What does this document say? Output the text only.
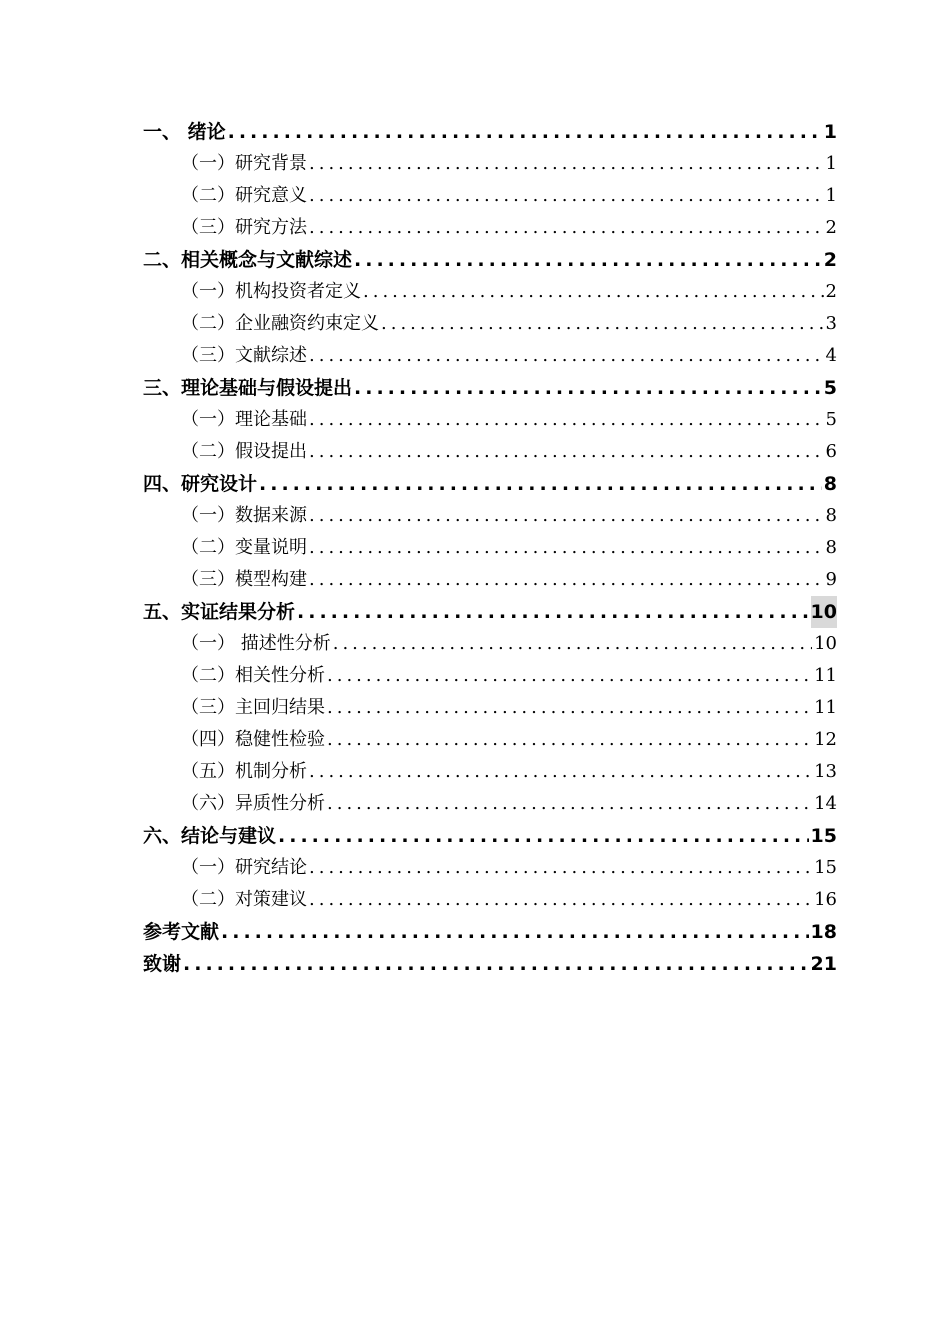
一、 绪论 .....	1
（一）研究背景 .....	1
（二）研究意义 .....	1
（三）研究方法 .....	2
二、相关概念与文献综述 .....	2
（一）机构投资者定义 .....	2
（二）企业融资约束定义 .....	3
（三）文献综述 .....	4
三、理论基础与假设提出 .....	5
（一）理论基础 .....	5
（二）假设提出 .....	6
四、研究设计 .....	8
（一）数据来源 .....	8
（二）变量说明 .....	8
（三）模型构建 .....	9
五、实证结果分析 .....	10
（一） 描述性分析 .....	10
（二）相关性分析 .....	11
（三）主回归结果 .....	11
（四）稳健性检验 .....	12
（五）机制分析 .....	13
（六）异质性分析 .....	14
六、结论与建议 .....	15
（一）研究结论 .....	15
（二）对策建议 .....	16
参考文献 .....	18
致谢 .....	21
